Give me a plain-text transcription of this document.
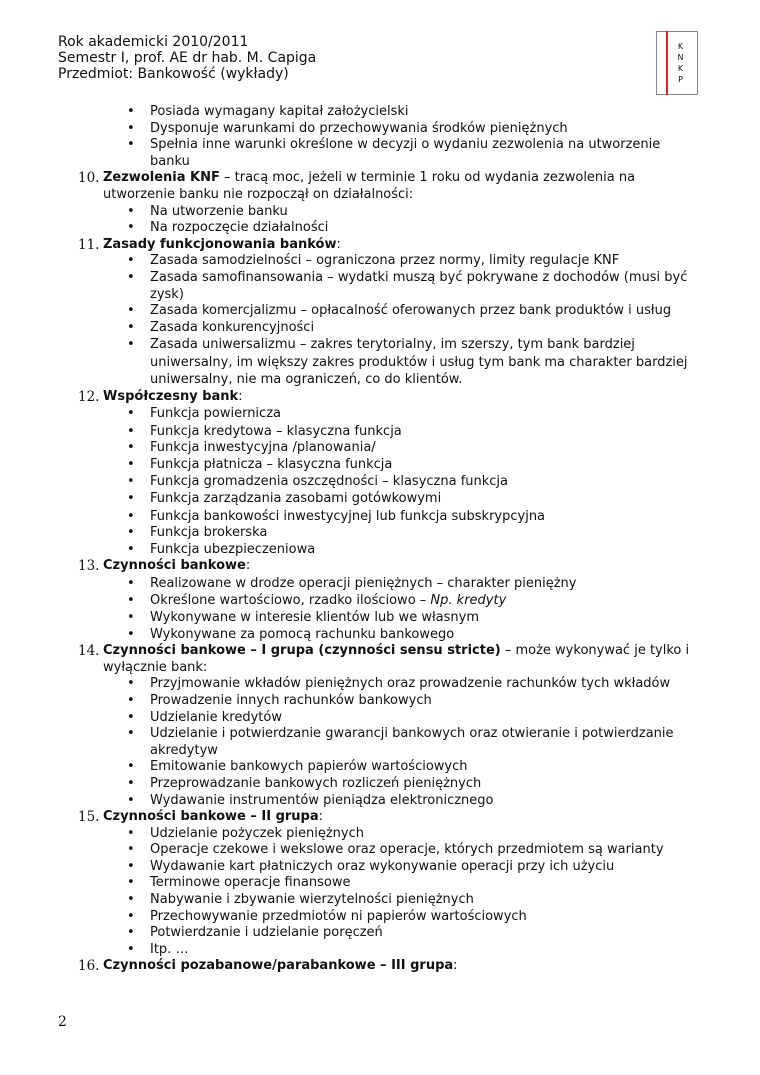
Rok akademicki 2010/2011
Semestr I, prof. AE dr hab. M. Capiga
Przedmiot: Bankowość (wykłady)
K
N
K
P
• Posiada wymagany kapitał założycielski
• Dysponuje warunkami do przechowywania środków pieniężnych
• Spełnia inne warunki określone w decyzji o wydaniu zezwolenia na utworzenie banku
10. Zezwolenia KNF – tracą moc, jeżeli w terminie 1 roku od wydania zezwolenia na utworzenie banku nie rozpoczął on działalności:
• Na utworzenie banku
• Na rozpoczęcie działalności
11. Zasady funkcjonowania banków:
• Zasada samodzielności – ograniczona przez normy, limity regulacje KNF
• Zasada samofinansowania – wydatki muszą być pokrywane z dochodów (musi być zysk)
• Zasada komercjalizmu – opłacalność oferowanych przez bank produktów i usług
• Zasada konkurencyjności
• Zasada uniwersalizmu – zakres terytorialny, im szerszy, tym bank bardziej uniwersalny, im większy zakres produktów i usług tym bank ma charakter bardziej uniwersalny, nie ma ograniczeń, co do klientów.
12. Współczesny bank:
• Funkcja powiernicza
• Funkcja kredytowa – klasyczna funkcja
• Funkcja inwestycyjna /planowania/
• Funkcja płatnicza – klasyczna funkcja
• Funkcja gromadzenia oszczędności – klasyczna funkcja
• Funkcja zarządzania zasobami gotówkowymi
• Funkcja bankowości inwestycyjnej lub funkcja subskrypcyjna
• Funkcja brokerska
• Funkcja ubezpieczeniowa
13. Czynności bankowe:
• Realizowane w drodze operacji pieniężnych – charakter pieniężny
• Określone wartościowo, rzadko ilościowo – Np. kredyty
• Wykonywane w interesie klientów lub we własnym
• Wykonywane za pomocą rachunku bankowego
14. Czynności bankowe – I grupa (czynności sensu stricte) – może wykonywać je tylko i wyłącznie bank:
• Przyjmowanie wkładów pieniężnych oraz prowadzenie rachunków tych wkładów
• Prowadzenie innych rachunków bankowych
• Udzielanie kredytów
• Udzielanie i potwierdzanie gwarancji bankowych oraz otwieranie i potwierdzanie akredytyw
• Emitowanie bankowych papierów wartościowych
• Przeprowadzanie bankowych rozliczeń pieniężnych
• Wydawanie instrumentów pieniądza elektronicznego
15. Czynności bankowe – II grupa:
• Udzielanie pożyczek pieniężnych
• Operacje czekowe i wekslowe oraz operacje, których przedmiotem są warianty
• Wydawanie kart płatniczych oraz wykonywanie operacji przy ich użyciu
• Terminowe operacje finansowe
• Nabywanie i zbywanie wierzytelności pieniężnych
• Przechowywanie przedmiotów ni papierów wartościowych
• Potwierdzanie i udzielanie poręczeń
• Itp. …
16. Czynności pozabanowe/parabankowe – III grupa:
2
